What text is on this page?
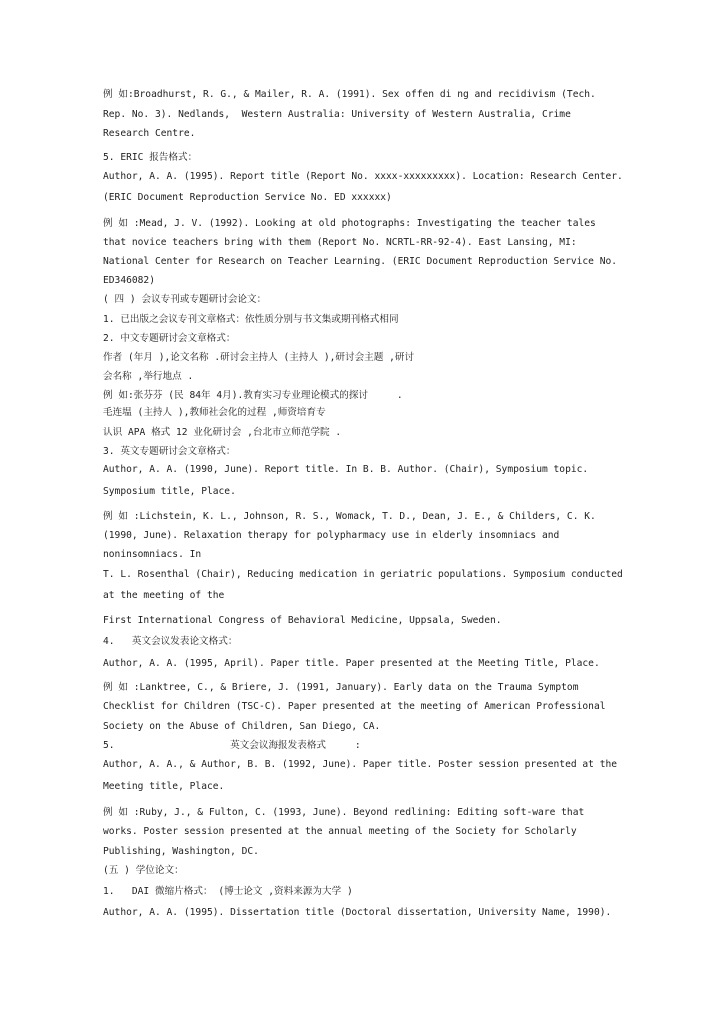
例 如:Broadhurst, R. G., & Mailer, R. A. (1991). Sex offen di ng and recidivism (Tech.
Rep. No. 3). Nedlands,  Western Australia: University of Western Australia, Crime
Research Centre.
5. ERIC 报告格式：
Author, A. A. (1995). Report title (Report No. xxxx-xxxxxxxxx). Location: Research Center.
(ERIC Document Reproduction Service No. ED xxxxxx)
例 如 :Mead, J. V. (1992). Looking at old photographs: Investigating the teacher tales
that novice teachers bring with them (Report No. NCRTL-RR-92-4). East Lansing, MI:
National Center for Research on Teacher Learning. (ERIC Document Reproduction Service No.
ED346082)
( 四 ) 会议专刊或专题研讨会论文：
1. 已出版之会议专刊文章格式：依性质分别与书文集或期刊格式相同
2. 中文专题研讨会文章格式：
作者 (年月 ),论文名称 .研讨会主持人 (主持人 ),研讨会主题 ,研讨
会名称 ,举行地点 .
例 如:张芬芬 (民 84年 4月).教育实习专业理论模式的探讨     .
毛连塭 (主持人 ),教师社会化的过程 ,师资培育专
认识 APA 格式 12 业化研讨会 ,台北市立师范学院 .
3. 英文专题研讨会文章格式：
Author, A. A. (1990, June). Report title. In B. B. Author. (Chair), Symposium topic.
Symposium title, Place.
例 如 :Lichstein, K. L., Johnson, R. S., Womack, T. D., Dean, J. E., & Childers, C. K.
(1990, June). Relaxation therapy for polypharmacy use in elderly insomniacs and
noninsomniacs. In
T. L. Rosenthal (Chair), Reducing medication in geriatric populations. Symposium conducted
at the meeting of the
First International Congress of Behavioral Medicine, Uppsala, Sweden.
4.   英文会议发表论文格式：
Author, A. A. (1995, April). Paper title. Paper presented at the Meeting Title, Place.
例 如 :Lanktree, C., & Briere, J. (1991, January). Early data on the Trauma Symptom
Checklist for Children (TSC-C). Paper presented at the meeting of American Professional
Society on the Abuse of Children, San Diego, CA.
5.                    英文会议海报发表格式     :
Author, A. A., & Author, B. B. (1992, June). Paper title. Poster session presented at the
Meeting title, Place.
例 如 :Ruby, J., & Fulton, C. (1993, June). Beyond redlining: Editing soft-ware that
works. Poster session presented at the annual meeting of the Society for Scholarly
Publishing, Washington, DC.
(五 ) 学位论文：
1.   DAI 微缩片格式： (博士论文 ,资料来源为大学 )
Author, A. A. (1995). Dissertation title (Doctoral dissertation, University Name, 1990).
